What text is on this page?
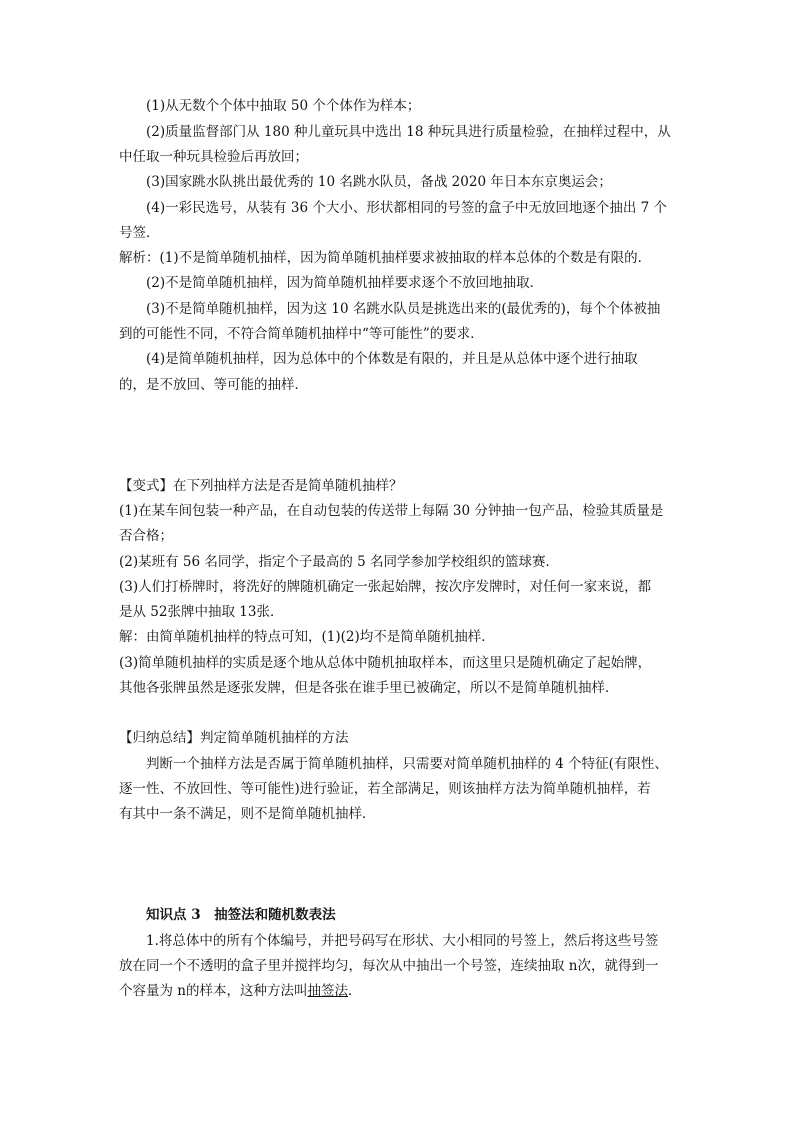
(1)从无数个个体中抽取 50 个个体作为样本；
(2)质量监督部门从 180 种儿童玩具中选出 18 种玩具进行质量检验，在抽样过程中，从
中任取一种玩具检验后再放回；
(3)国家跳水队挑出最优秀的 10 名跳水队员，备战 2020 年日本东京奥运会；
(4)一彩民选号，从装有 36 个大小、形状都相同的号签的盒子中无放回地逐个抽出 7 个
号签．
解析：(1)不是简单随机抽样，因为简单随机抽样要求被抽取的样本总体的个数是有限的．
(2)不是简单随机抽样，因为简单随机抽样要求逐个不放回地抽取．
(3)不是简单随机抽样，因为这 10 名跳水队员是挑选出来的(最优秀的)，每个个体被抽
到的可能性不同，不符合简单随机抽样中“等可能性”的要求．
(4)是简单随机抽样，因为总体中的个体数是有限的，并且是从总体中逐个进行抽取
的，是不放回、等可能的抽样．
【变式】在下列抽样方法是否是简单随机抽样？
(1)在某车间包装一种产品，在自动包装的传送带上每隔 30 分钟抽一包产品，检验其质量是
否合格；
(2)某班有 56 名同学，指定个子最高的 5 名同学参加学校组织的篮球赛．
(3)人们打桥牌时，将洗好的牌随机确定一张起始牌，按次序发牌时，对任何一家来说，都
是从 52张牌中抽取 13张．
解：由简单随机抽样的特点可知，(1)(2)均不是简单随机抽样．
(3)简单随机抽样的实质是逐个地从总体中随机抽取样本，而这里只是随机确定了起始牌，
其他各张牌虽然是逐张发牌，但是各张在谁手里已被确定，所以不是简单随机抽样．
【归纳总结】判定简单随机抽样的方法
判断一个抽样方法是否属于简单随机抽样，只需要对简单随机抽样的 4 个特征(有限性、
逐一性、不放回性、等可能性)进行验证，若全部满足，则该抽样方法为简单随机抽样，若
有其中一条不满足，则不是简单随机抽样．
知识点 3　抽签法和随机数表法
1.将总体中的所有个体编号，并把号码写在形状、大小相同的号签上，然后将这些号签
放在同一个不透明的盒子里并搅拌均匀，每次从中抽出一个号签，连续抽取 n次，就得到一
个容量为 n的样本，这种方法叫抽签法．
